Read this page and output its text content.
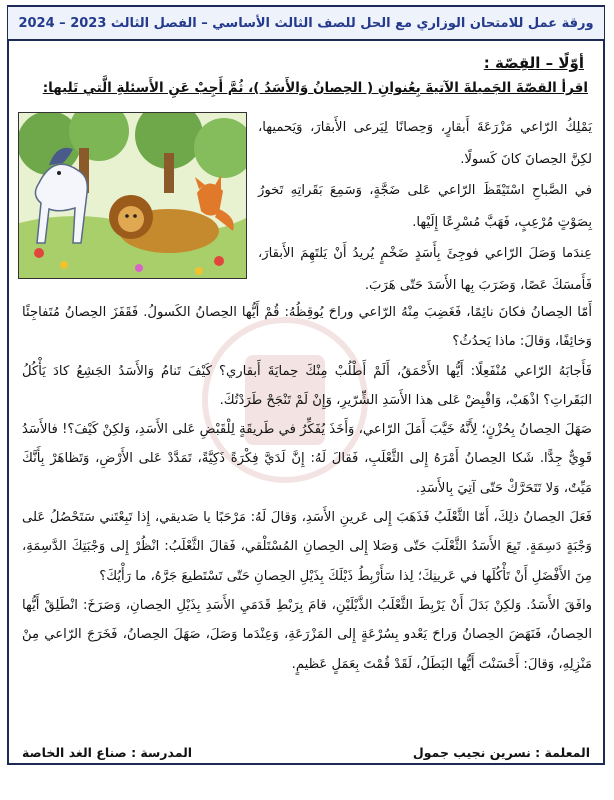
ورقة عمل للامتحان الوزاري مع الحل للصف الثالث الأساسي – الفصل الثالث 2023 – 2024
أوّلًا – القِصّة :
اقرأ القصّةَ الجَميلةَ الآتيةَ بِعُنوانِ ( الحِصانُ وَالأَسَدُ )، ثُمَّ أَجِبْ عَنِ الأَسئلةِ الَّتي تَليها:

يَمْلِكُ الرّاعي مَزْرَعَةَ أَبقارٍ، وَحِصانًا لِيَرعى الأَبقارَ، وَيَحميها، لكِنَّ الحِصانَ كانَ كَسولًا.

في الصَّباحِ اسْتَيْقَظَ الرّاعي عَلى ضَجَّةٍ، وَسَمِعَ بَقَراتِهِ تَخورُ بِصَوْتٍ مُرْعِبٍ، فَهَبَّ مُسْرِعًا إِلَيْها.

عِندَما وَصَلَ الرّاعي فوجِئَ بِأَسَدٍ ضَخْمٍ يُريدُ أَنْ يَلتَهِمَ الأَبقارَ، فَأَمسَكَ عَصًا، وَضَرَبَ بِها الأَسَدَ حَتّى هَرَبَ.

أَمّا الحِصانُ فكانَ نائِمًا، فَغَضِبَ مِنْهُ الرّاعي وراحَ يُوقِظُهُ: قُمْ أَيُّها الحِصانُ الكَسولُ. فَقَفَزَ الحِصانُ مُتَفاجِئًا وَخائِفًا، وَقالَ: ماذا يَحدُثُ؟

فَأَجابَهُ الرّاعي مُنْفَعِلًا: أَيُّها الأَحْمَقُ، أَلَمْ أَطْلُبْ مِنْكَ حِمايَةَ أَبقاري؟ كَيْفَ تَنامُ وَالأَسَدُ الجَشِعُ كادَ يَأْكُلُ البَقَراتِ؟ اذْهَبْ، وَاقْبِضْ عَلى هذا الأَسَدِ الشِّرّيرِ، وَإِنْ لَمْ تَنْجَحْ طَرَدْتُكَ.

صَهَلَ الحِصانُ بِحُزْنٍ؛ لِأَنَّهُ خَيَّبَ أَمَلَ الرّاعي، وَأَخَذَ يُفَكِّرُ في طَريقَةٍ لِلْقَبْضِ عَلى الأَسَدِ، وَلكِنْ كَيْفَ؟! فالأَسَدُ قَوِيٌّ جِدًّا. شَكا الحِصانُ أَمْرَهُ إِلى الثَّعْلَبِ، فَقالَ لَهُ: إِنَّ لَدَيَّ فِكْرَةً ذَكِيَّةً، تَمَدَّدْ عَلى الأَرْضِ، وَتَظاهَرْ بِأَنَّكَ مَيِّتٌ، وَلا تَتَحَرَّكْ حَتّى آتِيَ بِالأَسَدِ.

فَعَلَ الحِصانُ ذلِكَ، أَمّا الثَّعْلَبُ فَذَهَبَ إِلى عَرينِ الأَسَدِ، وَقالَ لَهُ: مَرْحَبًا يا صَديقي، إِذا تَبِعْتَني سَتَحْصُلُ عَلى وَجْبَةٍ دَسِمَةٍ. تَبِعَ الأَسَدُ الثَّعْلَبَ حَتّى وَصَلا إِلى الحِصانِ المُسْتَلْقي، فَقالَ الثَّعْلَبُ: انْظُرْ إِلى وَجْبَتِكَ الدَّسِمَةِ، مِنَ الأَفْضَلِ أَنْ تَأْكُلَها في عَرينِكَ؛ لِذا سَأَرْبِطُ ذَيْلَكَ بِذَيْلِ الحِصانِ حَتّى تَسْتَطيعَ جَرَّهُ، ما رَأْيُكَ؟

وافَقَ الأَسَدُ. وَلكِنْ بَدَلَ أَنْ يَرْبِطَ الثَّعْلَبُ الذَّيْلَيْنِ، قامَ بِرَبْطِ قَدَمَيِ الأَسَدِ بِذَيْلِ الحِصانِ، وَصَرَخَ: انْطَلِقْ أَيُّها الحِصانُ، فَنَهَضَ الحِصانُ وَراحَ يَعْدو بِسُرْعَةٍ إِلى المَزْرَعَةِ، وَعِنْدَما وَصَلَ، صَهَلَ الحِصانُ، فَخَرَجَ الرّاعي مِنْ مَنْزِلِهِ، وَقالَ: أَحْسَنْتَ أَيُّها البَطَلُ، لَقَدْ قُمْتَ بِعَمَلٍ عَظيمٍ.

المعلمة : نسرين نجيب جمول
المدرسة : صناع الغد الخاصة
